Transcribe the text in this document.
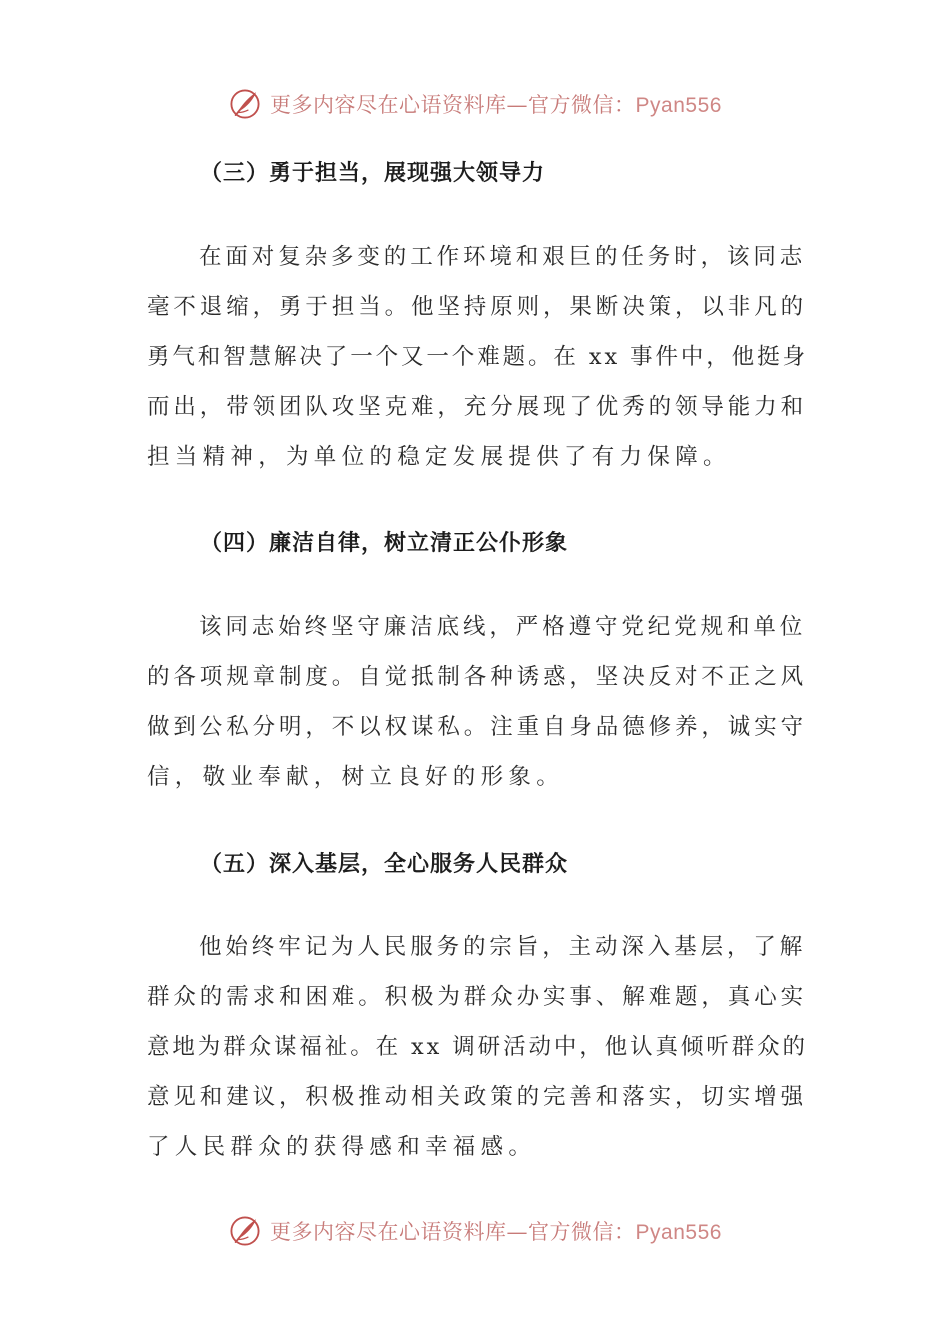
更多内容尽在心语资料库—官方微信：Pyan556
（三）勇于担当，展现强大领导力
在面对复杂多变的工作环境和艰巨的任务时，该同志
毫不退缩，勇于担当。他坚持原则，果断决策，以非凡的
勇气和智慧解决了一个又一个难题。在 xx 事件中，他挺身
而出，带领团队攻坚克难，充分展现了优秀的领导能力和
担当精神，为单位的稳定发展提供了有力保障。
（四）廉洁自律，树立清正公仆形象
该同志始终坚守廉洁底线，严格遵守党纪党规和单位
的各项规章制度。自觉抵制各种诱惑，坚决反对不正之风
做到公私分明，不以权谋私。注重自身品德修养，诚实守
信，敬业奉献，树立良好的形象。
（五）深入基层，全心服务人民群众
他始终牢记为人民服务的宗旨，主动深入基层，了解
群众的需求和困难。积极为群众办实事、解难题，真心实
意地为群众谋福祉。在 xx 调研活动中，他认真倾听群众的
意见和建议，积极推动相关政策的完善和落实，切实增强
了人民群众的获得感和幸福感。
更多内容尽在心语资料库—官方微信：Pyan556
